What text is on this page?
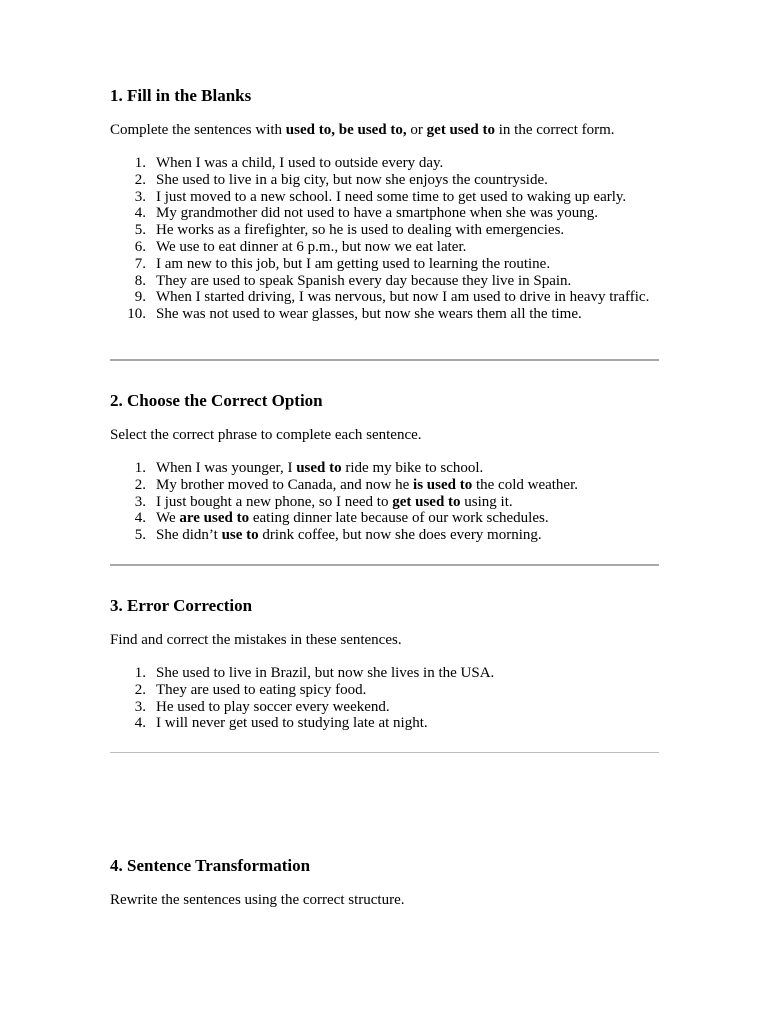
1. Fill in the Blanks

Complete the sentences with used to, be used to, or get used to in the correct form.

1. When I was a child, I used to outside every day.
2. She used to live in a big city, but now she enjoys the countryside.
3. I just moved to a new school. I need some time to get used to waking up early.
4. My grandmother did not used to have a smartphone when she was young.
5. He works as a firefighter, so he is used to dealing with emergencies.
6. We use to eat dinner at 6 p.m., but now we eat later.
7. I am new to this job, but I am getting used to learning the routine.
8. They are used to speak Spanish every day because they live in Spain.
9. When I started driving, I was nervous, but now I am used to drive in heavy traffic.
10. She was not used to wear glasses, but now she wears them all the time.
2. Choose the Correct Option

Select the correct phrase to complete each sentence.

1. When I was younger, I used to ride my bike to school.
2. My brother moved to Canada, and now he is used to the cold weather.
3. I just bought a new phone, so I need to get used to using it.
4. We are used to eating dinner late because of our work schedules.
5. She didn’t use to drink coffee, but now she does every morning.
3. Error Correction

Find and correct the mistakes in these sentences.

1. She used to live in Brazil, but now she lives in the USA.
2. They are used to eating spicy food.
3. He used to play soccer every weekend.
4. I will never get used to studying late at night.
4. Sentence Transformation

Rewrite the sentences using the correct structure.
